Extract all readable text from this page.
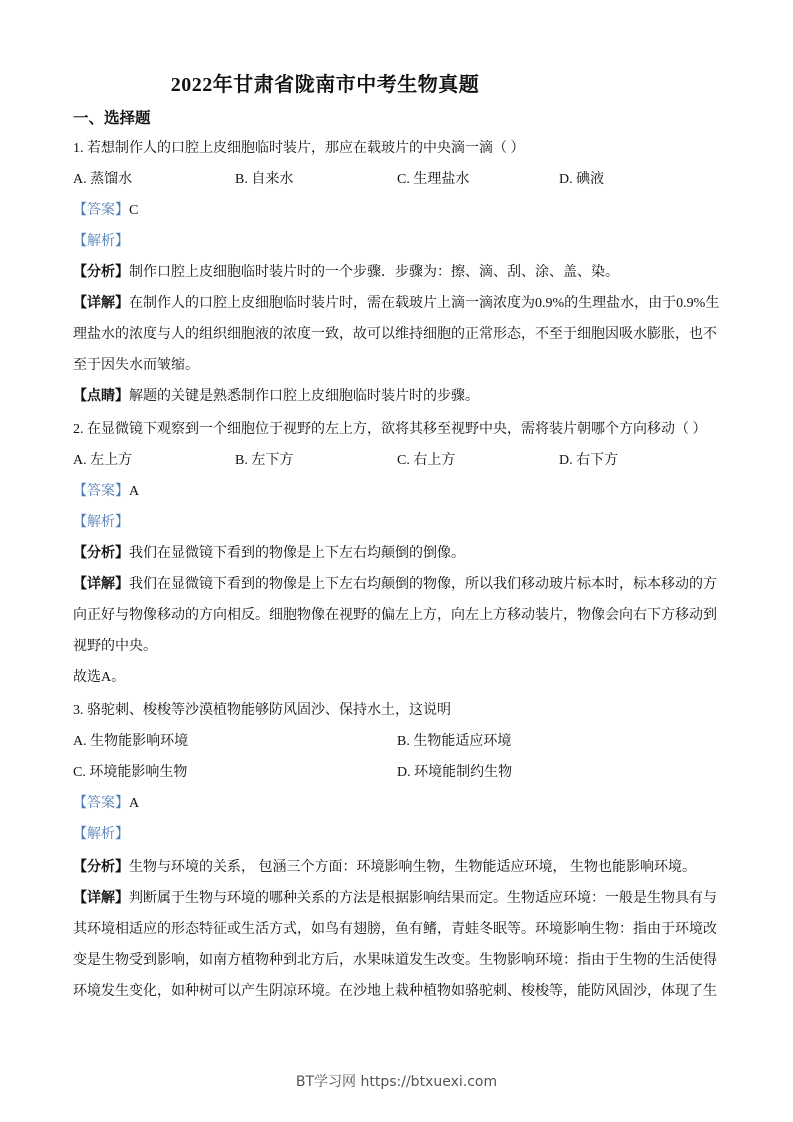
2022年甘肃省陇南市中考生物真题
一、选择题
1. 若想制作人的口腔上皮细胞临时装片，那应在载玻片的中央滴一滴（ ）
A. 蒸馏水	B. 自来水	C. 生理盐水	D. 碘液
【答案】C
【解析】
【分析】制作口腔上皮细胞临时装片时的一个步骤．步骤为：擦、滴、刮、涂、盖、染。
【详解】在制作人的口腔上皮细胞临时装片时，需在载玻片上滴一滴浓度为0.9%的生理盐水，由于0.9%生
理盐水的浓度与人的组织细胞液的浓度一致，故可以维持细胞的正常形态，不至于细胞因吸水膨胀，也不
至于因失水而皱缩。
【点睛】解题的关键是熟悉制作口腔上皮细胞临时装片时的步骤。
2. 在显微镜下观察到一个细胞位于视野的左上方，欲将其移至视野中央，需将装片朝哪个方向移动（ ）
A. 左上方	B. 左下方	C. 右上方	D. 右下方
【答案】A
【解析】
【分析】我们在显微镜下看到的物像是上下左右均颠倒的倒像。
【详解】我们在显微镜下看到的物像是上下左右均颠倒的物像，所以我们移动玻片标本时，标本移动的方
向正好与物像移动的方向相反。细胞物像在视野的偏左上方，向左上方移动装片，物像会向右下方移动到
视野的中央。
故选A。
3. 骆驼刺、梭梭等沙漠植物能够防风固沙、保持水土，这说明
A. 生物能影响环境	B. 生物能适应环境
C. 环境能影响生物	D. 环境能制约生物
【答案】A
【解析】
【分析】生物与环境的关系， 包涵三个方面：环境影响生物，生物能适应环境， 生物也能影响环境。
【详解】判断属于生物与环境的哪种关系的方法是根据影响结果而定。生物适应环境：一般是生物具有与
其环境相适应的形态特征或生活方式，如鸟有翅膀，鱼有鳍，青蛙冬眠等。环境影响生物：指由于环境改
变是生物受到影响，如南方植物种到北方后，水果味道发生改变。生物影响环境：指由于生物的生活使得
环境发生变化，如种树可以产生阴凉环境。在沙地上栽种植物如骆驼刺、梭梭等，能防风固沙，体现了生
BT学习网 https://btxuexi.com
